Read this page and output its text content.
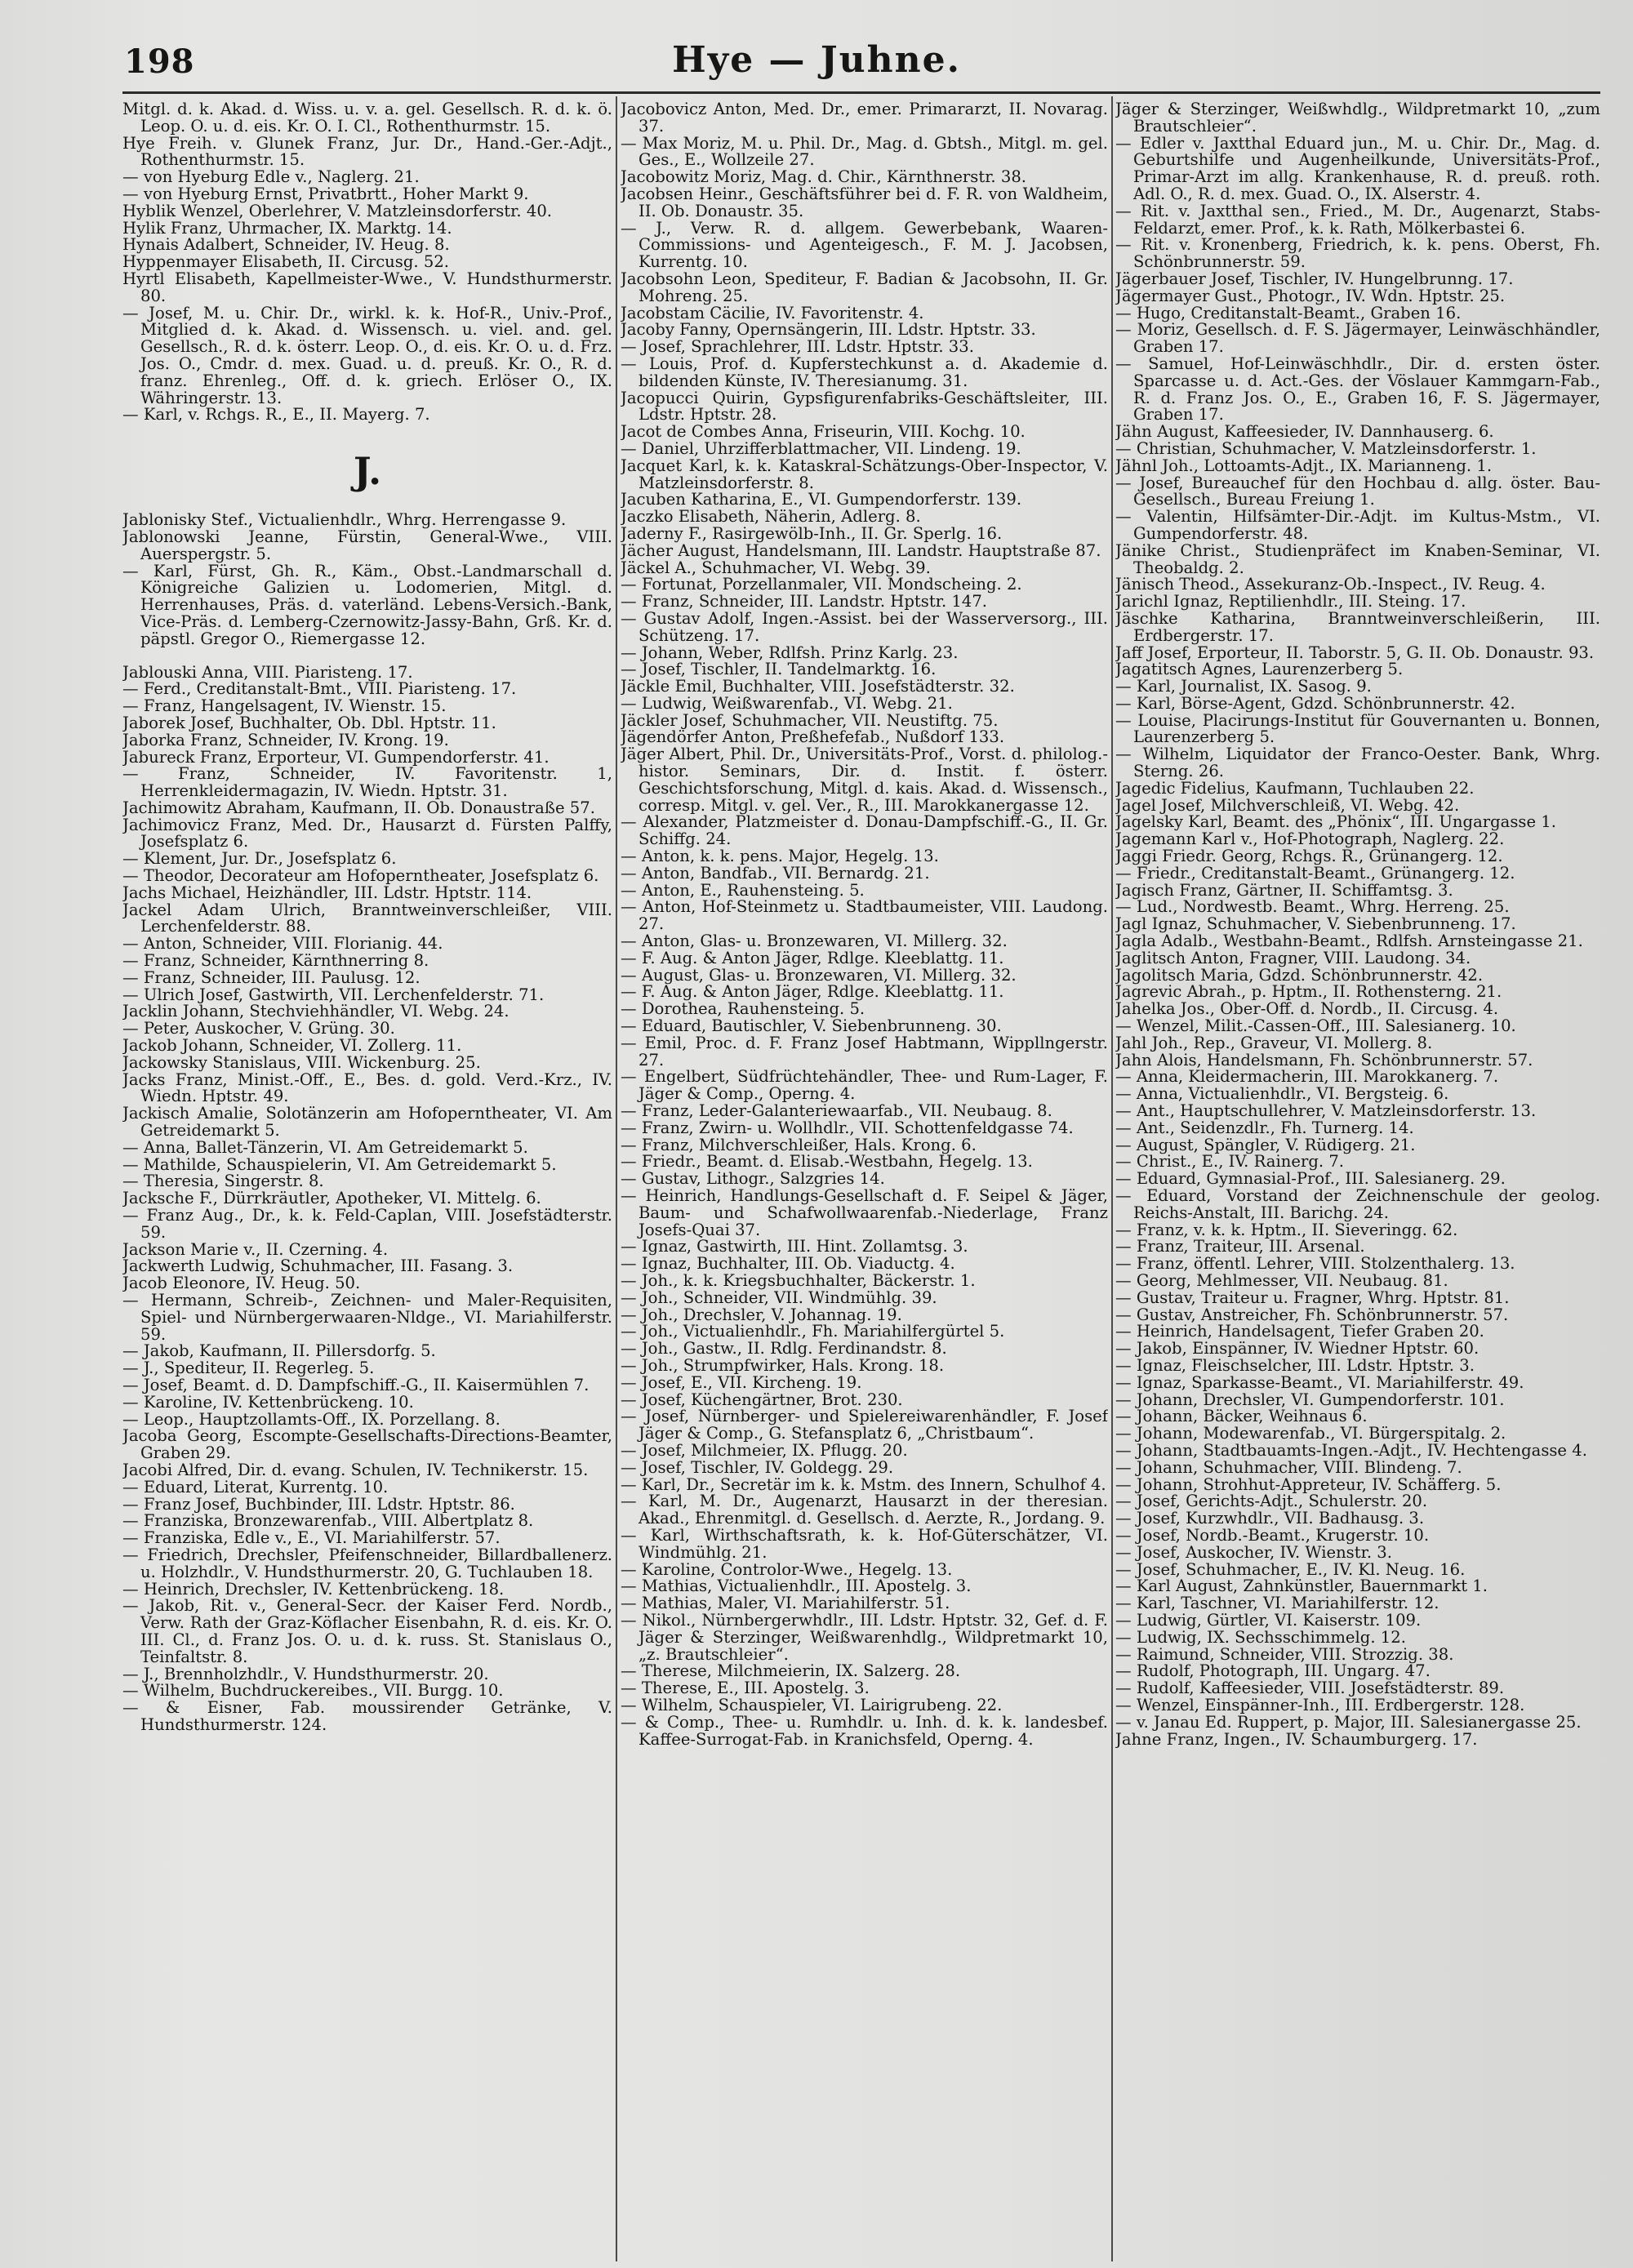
198	Hye — Juhne.

Mitgl. d. k. Akad. d. Wiss. u. v. a. gel. Gesellsch. R. d. k. ö. Leop. O. u. d. eis. Kr. O. I. Cl., Rothenthurmstr. 15.

Hye Freih. v. Glunek Franz, Jur. Dr., Hand.-Ger.-Adjt., Rothenthurmstr. 15.

— von Hyeburg Edle v., Naglerg. 21.

— von Hyeburg Ernst, Privatbrtt., Hoher Markt 9.

Hyblik Wenzel, Oberlehrer, V. Matzleinsdorferstr. 40.

Hylik Franz, Uhrmacher, IX. Marktg. 14.

Hynais Adalbert, Schneider, IV. Heug. 8.

Hyppenmayer Elisabeth, II. Circusg. 52.

Hyrtl Elisabeth, Kapellmeister-Wwe., V. Hundsthurmerstr. 80.

— Josef, M. u. Chir. Dr., wirkl. k. k. Hof-R., Univ.-Prof., Mitglied d. k. Akad. d. Wissensch. u. viel. and. gel. Gesellsch., R. d. k. österr. Leop. O., d. eis. Kr. O. u. d. Frz. Jos. O., Cmdr. d. mex. Guad. u. d. preuß. Kr. O., R. d. franz. Ehrenleg., Off. d. k. griech. Erlöser O., IX. Währingerstr. 13.

— Karl, v. Rchgs. R., E., II. Mayerg. 7.

J.

Jablonisky Stef., Victualienhdlr., Whrg. Herrengasse 9.

Jablonowski Jeanne, Fürstin, General-Wwe., VIII. Auerspergstr. 5.

— Karl, Fürst, Gh. R., Käm., Obst.-Landmarschall d. Königreiche Galizien u. Lodomerien, Mitgl. d. Herrenhauses, Präs. d. vaterländ. Lebens-Versich.-Bank, Vice-Präs. d. Lemberg-Czernowitz-Jassy-Bahn, Grß. Kr. d. päpstl. Gregor O., Riemergasse 12.

Jablouski Anna, VIII. Piaristeng. 17.

— Ferd., Creditanstalt-Bmt., VIII. Piaristeng. 17.

— Franz, Hangelsagent, IV. Wienstr. 15.

Jaborek Josef, Buchhalter, Ob. Dbl. Hptstr. 11.

Jaborka Franz, Schneider, IV. Krong. 19.

Jabureck Franz, Erporteur, VI. Gumpendorferstr. 41.

— Franz, Schneider, IV. Favoritenstr. 1, Herrenkleidermagazin, IV. Wiedn. Hptstr. 31.

Jachimowitz Abraham, Kaufmann, II. Ob. Donaustraße 57.

Jachimovicz Franz, Med. Dr., Hausarzt d. Fürsten Palffy, Josefsplatz 6.

— Klement, Jur. Dr., Josefsplatz 6.

— Theodor, Decorateur am Hofoperntheater, Josefsplatz 6.

Jachs Michael, Heizhändler, III. Ldstr. Hptstr. 114.

Jackel Adam Ulrich, Branntweinverschleißer, VIII. Lerchenfelderstr. 88.

— Anton, Schneider, VIII. Florianig. 44.

— Franz, Schneider, Kärnthnerring 8.

— Franz, Schneider, III. Paulusg. 12.

— Ulrich Josef, Gastwirth, VII. Lerchenfelderstr. 71.

Jacklin Johann, Stechviehhändler, VI. Webg. 24.

— Peter, Auskocher, V. Grüng. 30.

Jackob Johann, Schneider, VI. Zollerg. 11.

Jackowsky Stanislaus, VIII. Wickenburg. 25.

Jacks Franz, Minist.-Off., E., Bes. d. gold. Verd.-Krz., IV. Wiedn. Hptstr. 49.

Jackisch Amalie, Solotänzerin am Hofoperntheater, VI. Am Getreidemarkt 5.

— Anna, Ballet-Tänzerin, VI. Am Getreidemarkt 5.

— Mathilde, Schauspielerin, VI. Am Getreidemarkt 5.

— Theresia, Singerstr. 8.

Jacksche F., Dürrkräutler, Apotheker, VI. Mittelg. 6.

— Franz Aug., Dr., k. k. Feld-Caplan, VIII. Josefstädterstr. 59.

Jackson Marie v., II. Czerning. 4.

Jackwerth Ludwig, Schuhmacher, III. Fasang. 3.

Jacob Eleonore, IV. Heug. 50.

— Hermann, Schreib-, Zeichnen- und Maler-Requisiten, Spiel- und Nürnbergerwaaren-Nldge., VI. Mariahilferstr. 59.

— Jakob, Kaufmann, II. Pillersdorfg. 5.

— J., Spediteur, II. Regerleg. 5.

— Josef, Beamt. d. D. Dampfschiff.-G., II. Kaisermühlen 7.

— Karoline, IV. Kettenbrückeng. 10.

— Leop., Hauptzollamts-Off., IX. Porzellang. 8.

Jacoba Georg, Escompte-Gesellschafts-Directions-Beamter, Graben 29.

Jacobi Alfred, Dir. d. evang. Schulen, IV. Technikerstr. 15.

— Eduard, Literat, Kurrentg. 10.

— Franz Josef, Buchbinder, III. Ldstr. Hptstr. 86.

— Franziska, Bronzewarenfab., VIII. Albertplatz 8.

— Franziska, Edle v., E., VI. Mariahilferstr. 57.

— Friedrich, Drechsler, Pfeifenschneider, Billardballenerz. u. Holzhdlr., V. Hundsthurmerstr. 20, G. Tuchlauben 18.

— Heinrich, Drechsler, IV. Kettenbrückeng. 18.

— Jakob, Rit. v., General-Secr. der Kaiser Ferd. Nordb., Verw. Rath der Graz-Köflacher Eisenbahn, R. d. eis. Kr. O. III. Cl., d. Franz Jos. O. u. d. k. russ. St. Stanislaus O., Teinfaltstr. 8.

— J., Brennholzhdlr., V. Hundsthurmerstr. 20.

— Wilhelm, Buchdruckereibes., VII. Burgg. 10.

— & Eisner, Fab. moussirender Getränke, V. Hundsthurmerstr. 124.

Jacobovicz Anton, Med. Dr., emer. Primararzt, II. Novarag. 37.

— Max Moriz, M. u. Phil. Dr., Mag. d. Gbtsh., Mitgl. m. gel. Ges., E., Wollzeile 27.

Jacobowitz Moriz, Mag. d. Chir., Kärnthnerstr. 38.

Jacobsen Heinr., Geschäftsführer bei d. F. R. von Waldheim, II. Ob. Donaustr. 35.

— J., Verw. R. d. allgem. Gewerbebank, Waaren-Commissions- und Agenteigesch., F. M. J. Jacobsen, Kurrentg. 10.

Jacobsohn Leon, Spediteur, F. Badian & Jacobsohn, II. Gr. Mohreng. 25.

Jacobstam Cäcilie, IV. Favoritenstr. 4.

Jacoby Fanny, Opernsängerin, III. Ldstr. Hptstr. 33.

— Josef, Sprachlehrer, III. Ldstr. Hptstr. 33.

— Louis, Prof. d. Kupferstechkunst a. d. Akademie d. bildenden Künste, IV. Theresianumg. 31.

Jacopucci Quirin, Gypsfigurenfabriks-Geschäftsleiter, III. Ldstr. Hptstr. 28.

Jacot de Combes Anna, Friseurin, VIII. Kochg. 10.

— Daniel, Uhrzifferblattmacher, VII. Lindeng. 19.

Jacquet Karl, k. k. Kataskral-Schätzungs-Ober-Inspector, V. Matzleinsdorferstr. 8.

Jacuben Katharina, E., VI. Gumpendorferstr. 139.

Jaczko Elisabeth, Näherin, Adlerg. 8.

Jaderny F., Rasirgewölb-Inh., II. Gr. Sperlg. 16.

Jächer August, Handelsmann, III. Landstr. Hauptstraße 87.

Jäckel A., Schuhmacher, VI. Webg. 39.

— Fortunat, Porzellanmaler, VII. Mondscheing. 2.

— Franz, Schneider, III. Landstr. Hptstr. 147.

— Gustav Adolf, Ingen.-Assist. bei der Wasserversorg., III. Schützeng. 17.

— Johann, Weber, Rdlfsh. Prinz Karlg. 23.

— Josef, Tischler, II. Tandelmarktg. 16.

Jäckle Emil, Buchhalter, VIII. Josefstädterstr. 32.

— Ludwig, Weißwarenfab., VI. Webg. 21.

Jäckler Josef, Schuhmacher, VII. Neustiftg. 75.

Jägendörfer Anton, Preßhefefab., Nußdorf 133.

Jäger Albert, Phil. Dr., Universitäts-Prof., Vorst. d. philolog.-histor. Seminars, Dir. d. Instit. f. österr. Geschichtsforschung, Mitgl. d. kais. Akad. d. Wissensch., corresp. Mitgl. v. gel. Ver., R., III. Marokkanergasse 12.

— Alexander, Platzmeister d. Donau-Dampfschiff.-G., II. Gr. Schiffg. 24.

— Anton, k. k. pens. Major, Hegelg. 13.

— Anton, Bandfab., VII. Bernardg. 21.

— Anton, E., Rauhensteing. 5.

— Anton, Hof-Steinmetz u. Stadtbaumeister, VIII. Laudong. 27.

— Anton, Glas- u. Bronzewaren, VI. Millerg. 32.

— F. Aug. & Anton Jäger, Rdlge. Kleeblattg. 11.

— August, Glas- u. Bronzewaren, VI. Millerg. 32.

— F. Aug. & Anton Jäger, Rdlge. Kleeblattg. 11.

— Dorothea, Rauhensteing. 5.

— Eduard, Bautischler, V. Siebenbrunneng. 30.

— Emil, Proc. d. F. Franz Josef Habtmann, Wippllngerstr. 27.

— Engelbert, Südfrüchtehändler, Thee- und Rum-Lager, F. Jäger & Comp., Operng. 4.

— Franz, Leder-Galanteriewaarfab., VII. Neubaug. 8.

— Franz, Zwirn- u. Wollhdlr., VII. Schottenfeldgasse 74.

— Franz, Milchverschleißer, Hals. Krong. 6.

— Friedr., Beamt. d. Elisab.-Westbahn, Hegelg. 13.

— Gustav, Lithogr., Salzgries 14.

— Heinrich, Handlungs-Gesellschaft d. F. Seipel & Jäger, Baum- und Schafwollwaarenfab.-Niederlage, Franz Josefs-Quai 37.

— Ignaz, Gastwirth, III. Hint. Zollamtsg. 3.

— Ignaz, Buchhalter, III. Ob. Viaductg. 4.

— Joh., k. k. Kriegsbuchhalter, Bäckerstr. 1.

— Joh., Schneider, VII. Windmühlg. 39.

— Joh., Drechsler, V. Johannag. 19.

— Joh., Victualienhdlr., Fh. Mariahilfergürtel 5.

— Joh., Gastw., II. Rdlg. Ferdinandstr. 8.

— Joh., Strumpfwirker, Hals. Krong. 18.

— Josef, E., VII. Kircheng. 19.

— Josef, Küchengärtner, Brot. 230.

— Josef, Nürnberger- und Spielereiwarenhändler, F. Josef Jäger & Comp., G. Stefansplatz 6, „Christbaum“.

— Josef, Milchmeier, IX. Pflugg. 20.

— Josef, Tischler, IV. Goldegg. 29.

— Karl, Dr., Secretär im k. k. Mstm. des Innern, Schulhof 4.

— Karl, M. Dr., Augenarzt, Hausarzt in der theresian. Akad., Ehrenmitgl. d. Gesellsch. d. Aerzte, R., Jordang. 9.

— Karl, Wirthschaftsrath, k. k. Hof-Güterschätzer, VI. Windmühlg. 21.

— Karoline, Controlor-Wwe., Hegelg. 13.

— Mathias, Victualienhdlr., III. Apostelg. 3.

— Mathias, Maler, VI. Mariahilferstr. 51.

— Nikol., Nürnbergerwhdlr., III. Ldstr. Hptstr. 32, Gef. d. F. Jäger & Sterzinger, Weißwarenhdlg., Wildpretmarkt 10, „z. Brautschleier“.

— Therese, Milchmeierin, IX. Salzerg. 28.

— Therese, E., III. Apostelg. 3.

— Wilhelm, Schauspieler, VI. Lairigrubeng. 22.

— & Comp., Thee- u. Rumhdlr. u. Inh. d. k. k. landesbef. Kaffee-Surrogat-Fab. in Kranichsfeld, Operng. 4.

Jäger & Sterzinger, Weißwhdlg., Wildpretmarkt 10, „zum Brautschleier“.

— Edler v. Jaxtthal Eduard jun., M. u. Chir. Dr., Mag. d. Geburtshilfe und Augenheilkunde, Universitäts-Prof., Primar-Arzt im allg. Krankenhause, R. d. preuß. roth. Adl. O., R. d. mex. Guad. O., IX. Alserstr. 4.

— Rit. v. Jaxtthal sen., Fried., M. Dr., Augenarzt, Stabs-Feldarzt, emer. Prof., k. k. Rath, Mölkerbastei 6.

— Rit. v. Kronenberg, Friedrich, k. k. pens. Oberst, Fh. Schönbrunnerstr. 59.

Jägerbauer Josef, Tischler, IV. Hungelbrunng. 17.

Jägermayer Gust., Photogr., IV. Wdn. Hptstr. 25.

— Hugo, Creditanstalt-Beamt., Graben 16.

— Moriz, Gesellsch. d. F. S. Jägermayer, Leinwäschhändler, Graben 17.

— Samuel, Hof-Leinwäschhdlr., Dir. d. ersten öster. Sparcasse u. d. Act.-Ges. der Vöslauer Kammgarn-Fab., R. d. Franz Jos. O., E., Graben 16, F. S. Jägermayer, Graben 17.

Jähn August, Kaffeesieder, IV. Dannhauserg. 6.

— Christian, Schuhmacher, V. Matzleinsdorferstr. 1.

Jähnl Joh., Lottoamts-Adjt., IX. Marianneng. 1.

— Josef, Bureauchef für den Hochbau d. allg. öster. Bau-Gesellsch., Bureau Freiung 1.

— Valentin, Hilfsämter-Dir.-Adjt. im Kultus-Mstm., VI. Gumpendorferstr. 48.

Jänike Christ., Studienpräfect im Knaben-Seminar, VI. Theobaldg. 2.

Jänisch Theod., Assekuranz-Ob.-Inspect., IV. Reug. 4.

Jarichl Ignaz, Reptilienhdlr., III. Steing. 17.

Jäschke Katharina, Branntweinverschleißerin, III. Erdbergerstr. 17.

Jaff Josef, Erporteur, II. Taborstr. 5, G. II. Ob. Donaustr. 93.

Jagatitsch Agnes, Laurenzerberg 5.

— Karl, Journalist, IX. Sasog. 9.

— Karl, Börse-Agent, Gdzd. Schönbrunnerstr. 42.

— Louise, Placirungs-Institut für Gouvernanten u. Bonnen, Laurenzerberg 5.

— Wilhelm, Liquidator der Franco-Oester. Bank, Whrg. Sterng. 26.

Jagedic Fidelius, Kaufmann, Tuchlauben 22.

Jagel Josef, Milchverschleiß, VI. Webg. 42.

Jagelsky Karl, Beamt. des „Phönix“, III. Ungargasse 1.

Jagemann Karl v., Hof-Photograph, Naglerg. 22.

Jaggi Friedr. Georg, Rchgs. R., Grünangerg. 12.

— Friedr., Creditanstalt-Beamt., Grünangerg. 12.

Jagisch Franz, Gärtner, II. Schiffamtsg. 3.

— Lud., Nordwestb. Beamt., Whrg. Herreng. 25.

Jagl Ignaz, Schuhmacher, V. Siebenbrunneng. 17.

Jagla Adalb., Westbahn-Beamt., Rdlfsh. Arnsteingasse 21.

Jaglitsch Anton, Fragner, VIII. Laudong. 34.

Jagolitsch Maria, Gdzd. Schönbrunnerstr. 42.

Jagrevic Abrah., p. Hptm., II. Rothensterng. 21.

Jahelka Jos., Ober-Off. d. Nordb., II. Circusg. 4.

— Wenzel, Milit.-Cassen-Off., III. Salesianerg. 10.

Jahl Joh., Rep., Graveur, VI. Mollerg. 8.

Jahn Alois, Handelsmann, Fh. Schönbrunnerstr. 57.

— Anna, Kleidermacherin, III. Marokkanerg. 7.

— Anna, Victualienhdlr., VI. Bergsteig. 6.

— Ant., Hauptschullehrer, V. Matzleinsdorferstr. 13.

— Ant., Seidenzdlr., Fh. Turnerg. 14.

— August, Spängler, V. Rüdigerg. 21.

— Christ., E., IV. Rainerg. 7.

— Eduard, Gymnasial-Prof., III. Salesianerg. 29.

— Eduard, Vorstand der Zeichnenschule der geolog. Reichs-Anstalt, III. Barichg. 24.

— Franz, v. k. k. Hptm., II. Sieveringg. 62.

— Franz, Traiteur, III. Arsenal.

— Franz, öffentl. Lehrer, VIII. Stolzenthalerg. 13.

— Georg, Mehlmesser, VII. Neubaug. 81.

— Gustav, Traiteur u. Fragner, Whrg. Hptstr. 81.

— Gustav, Anstreicher, Fh. Schönbrunnerstr. 57.

— Heinrich, Handelsagent, Tiefer Graben 20.

— Jakob, Einspänner, IV. Wiedner Hptstr. 60.

— Ignaz, Fleischselcher, III. Ldstr. Hptstr. 3.

— Ignaz, Sparkasse-Beamt., VI. Mariahilferstr. 49.

— Johann, Drechsler, VI. Gumpendorferstr. 101.

— Johann, Bäcker, Weihnaus 6.

— Johann, Modewarenfab., VI. Bürgerspitalg. 2.

— Johann, Stadtbauamts-Ingen.-Adjt., IV. Hechtengasse 4.

— Johann, Schuhmacher, VIII. Blindeng. 7.

— Johann, Strohhut-Appreteur, IV. Schäfferg. 5.

— Josef, Gerichts-Adjt., Schulerstr. 20.

— Josef, Kurzwhdlr., VII. Badhausg. 3.

— Josef, Nordb.-Beamt., Krugerstr. 10.

— Josef, Auskocher, IV. Wienstr. 3.

— Josef, Schuhmacher, E., IV. Kl. Neug. 16.

— Karl August, Zahnkünstler, Bauernmarkt 1.

— Karl, Taschner, VI. Mariahilferstr. 12.

— Ludwig, Gürtler, VI. Kaiserstr. 109.

— Ludwig, IX. Sechsschimmelg. 12.

— Raimund, Schneider, VIII. Strozzig. 38.

— Rudolf, Photograph, III. Ungarg. 47.

— Rudolf, Kaffeesieder, VIII. Josefstädterstr. 89.

— Wenzel, Einspänner-Inh., III. Erdbergerstr. 128.

— v. Janau Ed. Ruppert, p. Major, III. Salesianergasse 25.

Jahne Franz, Ingen., IV. Schaumburgerg. 17.
